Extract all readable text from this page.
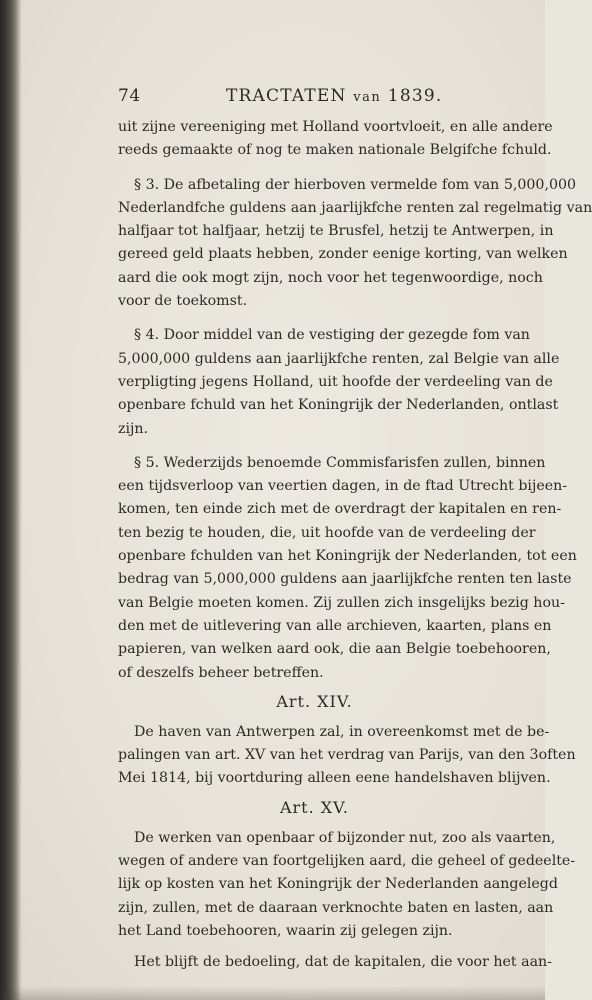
74	TRACTATEN van 1839.
uit zijne vereeniging met Holland voortvloeit, en alle andere
reeds gemaakte of nog te maken nationale Belgifche fchuld.
§ 3. De afbetaling der hierboven vermelde fom van 5,000,000
Nederlandfche guldens aan jaarlijkfche renten zal regelmatig van
halfjaar tot halfjaar, hetzij te Brusfel, hetzij te Antwerpen, in
gereed geld plaats hebben, zonder eenige korting, van welken
aard die ook mogt zijn, noch voor het tegenwoordige, noch
voor de toekomst.
§ 4. Door middel van de vestiging der gezegde fom van
5,000,000 guldens aan jaarlijkfche renten, zal Belgie van alle
verpligting jegens Holland, uit hoofde der verdeeling van de
openbare fchuld van het Koningrijk der Nederlanden, ontlast
zijn.
§ 5. Wederzijds benoemde Commisfarisfen zullen, binnen
een tijdsverloop van veertien dagen, in de ftad Utrecht bijeen-
komen, ten einde zich met de overdragt der kapitalen en ren-
ten bezig te houden, die, uit hoofde van de verdeeling der
openbare fchulden van het Koningrijk der Nederlanden, tot een
bedrag van 5,000,000 guldens aan jaarlijkfche renten ten laste
van Belgie moeten komen. Zij zullen zich insgelijks bezig hou-
den met de uitlevering van alle archieven, kaarten, plans en
papieren, van welken aard ook, die aan Belgie toebehooren,
of deszelfs beheer betreffen.
Art. XIV.
De haven van Antwerpen zal, in overeenkomst met de be-
palingen van art. XV van het verdrag van Parijs, van den 3often
Mei 1814, bij voortduring alleen eene handelshaven blijven.
Art. XV.
De werken van openbaar of bijzonder nut, zoo als vaarten,
wegen of andere van foortgelijken aard, die geheel of gedeelte-
lijk op kosten van het Koningrijk der Nederlanden aangelegd
zijn, zullen, met de daaraan verknochte baten en lasten, aan
het Land toebehooren, waarin zij gelegen zijn.
Het blijft de bedoeling, dat de kapitalen, die voor het aan-
